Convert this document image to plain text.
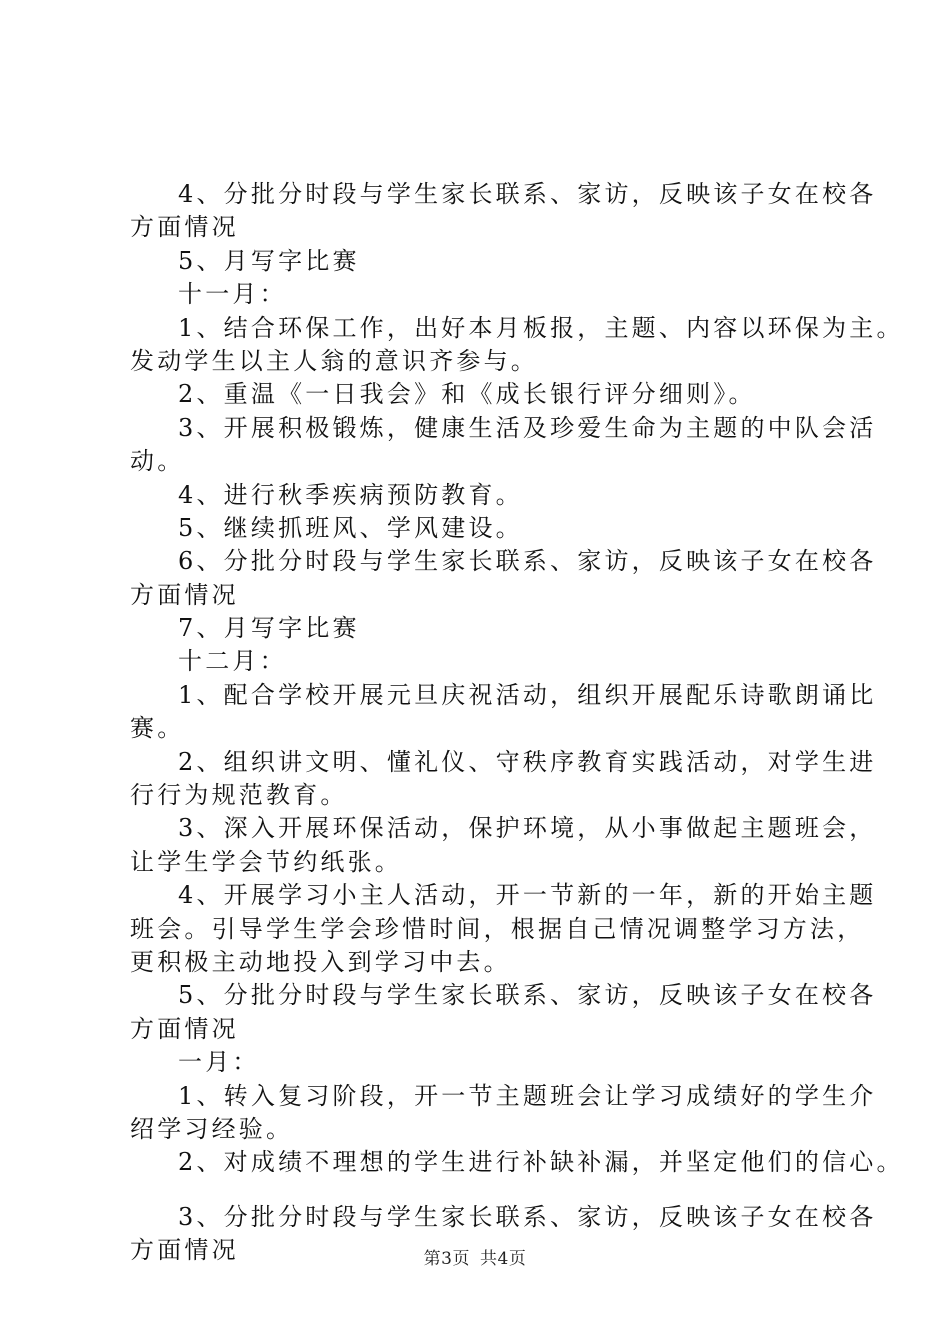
4、分批分时段与学生家长联系、家访，反映该子女在校各
方面情况
5、月写字比赛
十一月：
1、结合环保工作，出好本月板报，主题、内容以环保为主。
发动学生以主人翁的意识齐参与。
2、重温《一日我会》和《成长银行评分细则》。
3、开展积极锻炼，健康生活及珍爱生命为主题的中队会活
动。
4、进行秋季疾病预防教育。
5、继续抓班风、学风建设。
6、分批分时段与学生家长联系、家访，反映该子女在校各
方面情况
7、月写字比赛
十二月：
1、配合学校开展元旦庆祝活动，组织开展配乐诗歌朗诵比
赛。
2、组织讲文明、懂礼仪、守秩序教育实践活动，对学生进
行行为规范教育。
3、深入开展环保活动，保护环境，从小事做起主题班会，
让学生学会节约纸张。
4、开展学习小主人活动，开一节新的一年，新的开始主题
班会。引导学生学会珍惜时间，根据自己情况调整学习方法，
更积极主动地投入到学习中去。
5、分批分时段与学生家长联系、家访，反映该子女在校各
方面情况
一月：
1、转入复习阶段，开一节主题班会让学习成绩好的学生介
绍学习经验。
2、对成绩不理想的学生进行补缺补漏，并坚定他们的信心。
3、分批分时段与学生家长联系、家访，反映该子女在校各
方面情况	第3页 共4页
